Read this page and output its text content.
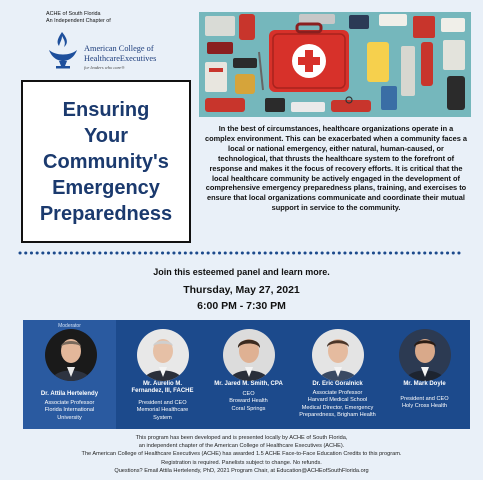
ACHE of South Florida
An Independent Chapter of
American College of
HealthcareExecutives
for leaders who care®
Ensuring
Your
Community's
Emergency
Preparedness
In the best of circumstances, healthcare organizations operate in a complex environment. This can be exacerbated when a community faces a local or national emergency, either natural, human-caused, or technological, that thrusts the healthcare system to the forefront of response and makes it the focus of recovery efforts. It is critical that the local healthcare community be actively engaged in the development of comprehensive emergency preparedness plans, training, and exercises to ensure that local organizations communicate and coordinate their mutual support in service to the community.
Join this esteemed panel and learn more.
Thursday, May 27, 2021
6:00 PM - 7:30 PM
Moderator
Dr. Attila Hertelendy
Associate Professor
Florida International
University
Mr. Aurelio M.
Fernandez, III, FACHE
President and CEO
Memorial Healthcare
System
Mr. Jared M. Smith, CPA
CEO
Broward Health
Coral Springs
Dr. Eric Goralnick
Associate Professor
Harvard Medical School
Medical Director, Emergency
Preparedness, Brigham Health
Mr. Mark Doyle
President and CEO
Holy Cross Health
This program has been developed and is presented locally by ACHE of South Florida,
an independent chapter of the American College of Healthcare Executives (ACHE).
The American College of Healthcare Executives (ACHE) has awarded 1.5 ACHE Face-to-Face Education Credits to this program.
Registration is required. Panelists subject to change. No refunds.
Questions? Email Attila Hertelendy, PhD, 2021 Program Chair, at Education@ACHEofSouthFlorida.org
